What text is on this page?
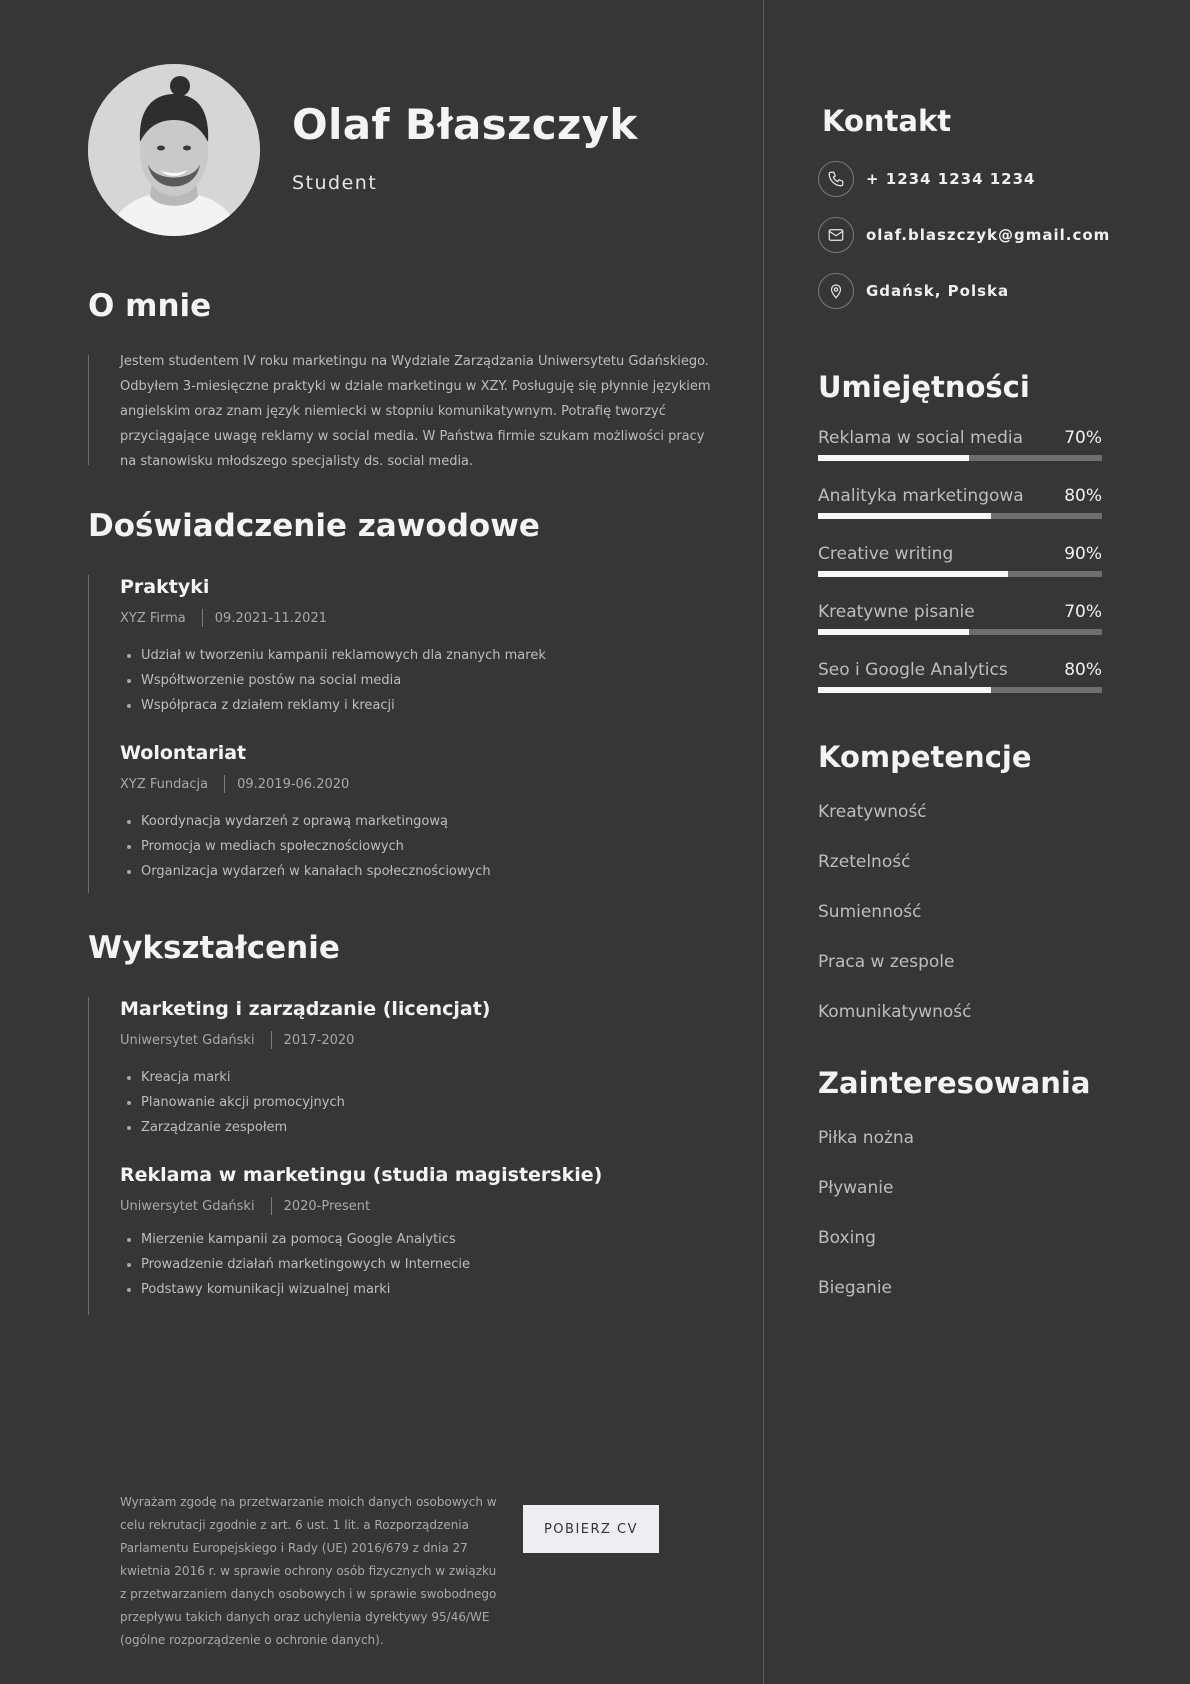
Olaf Błaszczyk
Student
O mnie

Jestem studentem IV roku marketingu na Wydziale Zarządzania Uniwersytetu Gdańskiego. Odbyłem 3-miesięczne praktyki w dziale marketingu w XZY. Posługuję się płynnie językiem angielskim oraz znam język niemiecki w stopniu komunikatywnym. Potrafię tworzyć przyciągające uwagę reklamy w social media. W Państwa firmie szukam możliwości pracy na stanowisku młodszego specjalisty ds. social media.

Doświadczenie zawodowe
Praktyki
XYZ Firma 09.2021-11.2021
Udział w tworzeniu kampanii reklamowych dla znanych marek
Współtworzenie postów na social media
Współpraca z działem reklamy i kreacji
Wolontariat
XYZ Fundacja 09.2019-06.2020
Koordynacja wydarzeń z oprawą marketingową
Promocja w mediach społecznościowych
Organizacja wydarzeń w kanałach społecznościowych
Wykształcenie
Marketing i zarządzanie (licencjat)
Uniwersytet Gdański 2017-2020
Kreacja marki
Planowanie akcji promocyjnych
Zarządzanie zespołem
Reklama w marketingu (studia magisterskie)
Uniwersytet Gdański 2020-Present
Mierzenie kampanii za pomocą Google Analytics
Prowadzenie działań marketingowych w Internecie
Podstawy komunikacji wizualnej marki

Wyrażam zgodę na przetwarzanie moich danych osobowych w celu rekrutacji zgodnie z art. 6 ust. 1 lit. a Rozporządzenia Parlamentu Europejskiego i Rady (UE) 2016/679 z dnia 27 kwietnia 2016 r. w sprawie ochrony osób fizycznych w związku z przetwarzaniem danych osobowych i w sprawie swobodnego przepływu takich danych oraz uchylenia dyrektywy 95/46/WE (ogólne rozporządzenie o ochronie danych).

POBIERZ CV
Kontakt
+ 1234 1234 1234
olaf.blaszczyk@gmail.com
Gdańsk, Polska
Umiejętności
Reklama w social media 70%
Analityka marketingowa 80%
Creative writing	90%
Kreatywne pisanie	70%
Seo i Google Analytics	80%
Kompetencje
Kreatywność
Rzetelność
Sumienność
Praca w zespole
Komunikatywność
Zainteresowania
Piłka nożna
Pływanie
Boxing
Bieganie
